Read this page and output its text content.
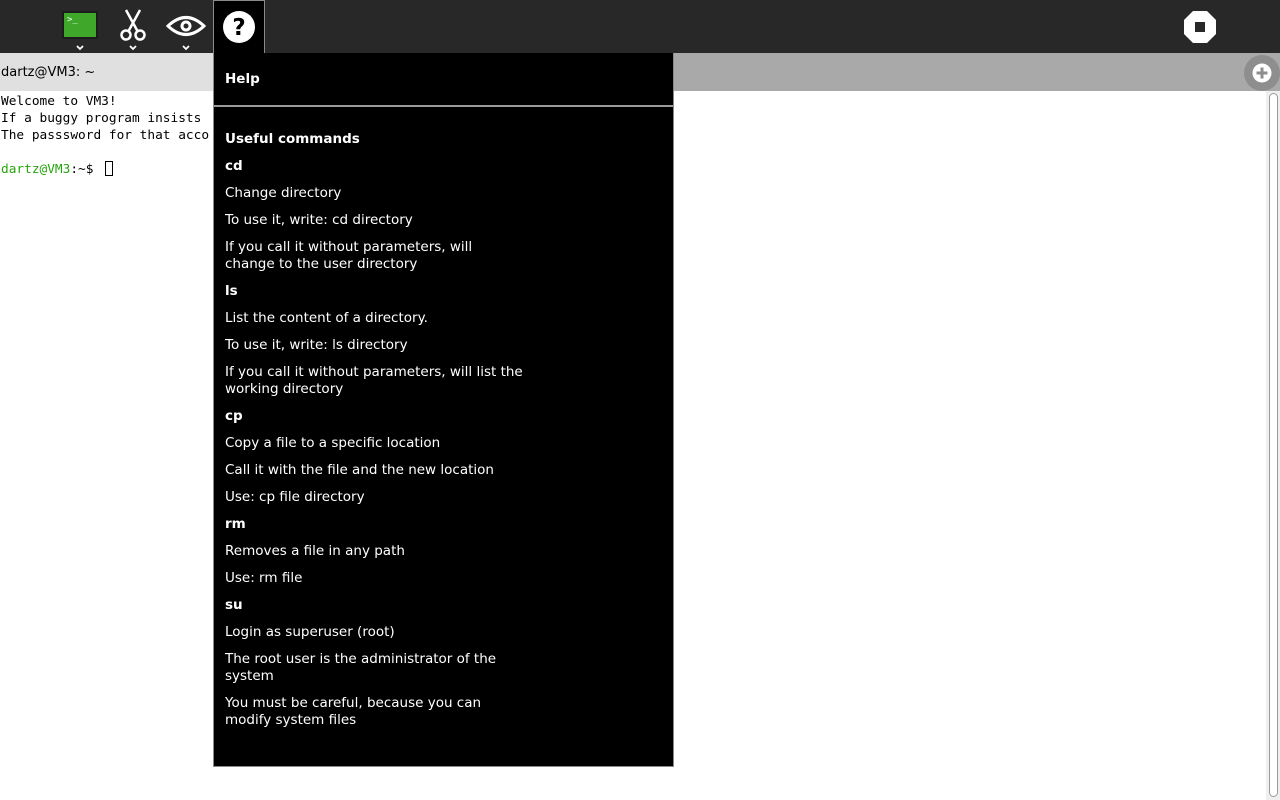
>_	?
dartz@VM3: ~
Welcome to VM3!
If a buggy program insists
The passsword for that acco
dartz@VM3:~$
Help

Useful commands

cd

Change directory

To use it, write: cd directory

If you call it without parameters, will change to the user directory

ls

List the content of a directory.

To use it, write: ls directory

If you call it without parameters, will list the working directory

cp

Copy a file to a specific location

Call it with the file and the new location

Use: cp file directory

rm

Removes a file in any path

Use: rm file

su

Login as superuser (root)

The root user is the administrator of the system

You must be careful, because you can modify system files
